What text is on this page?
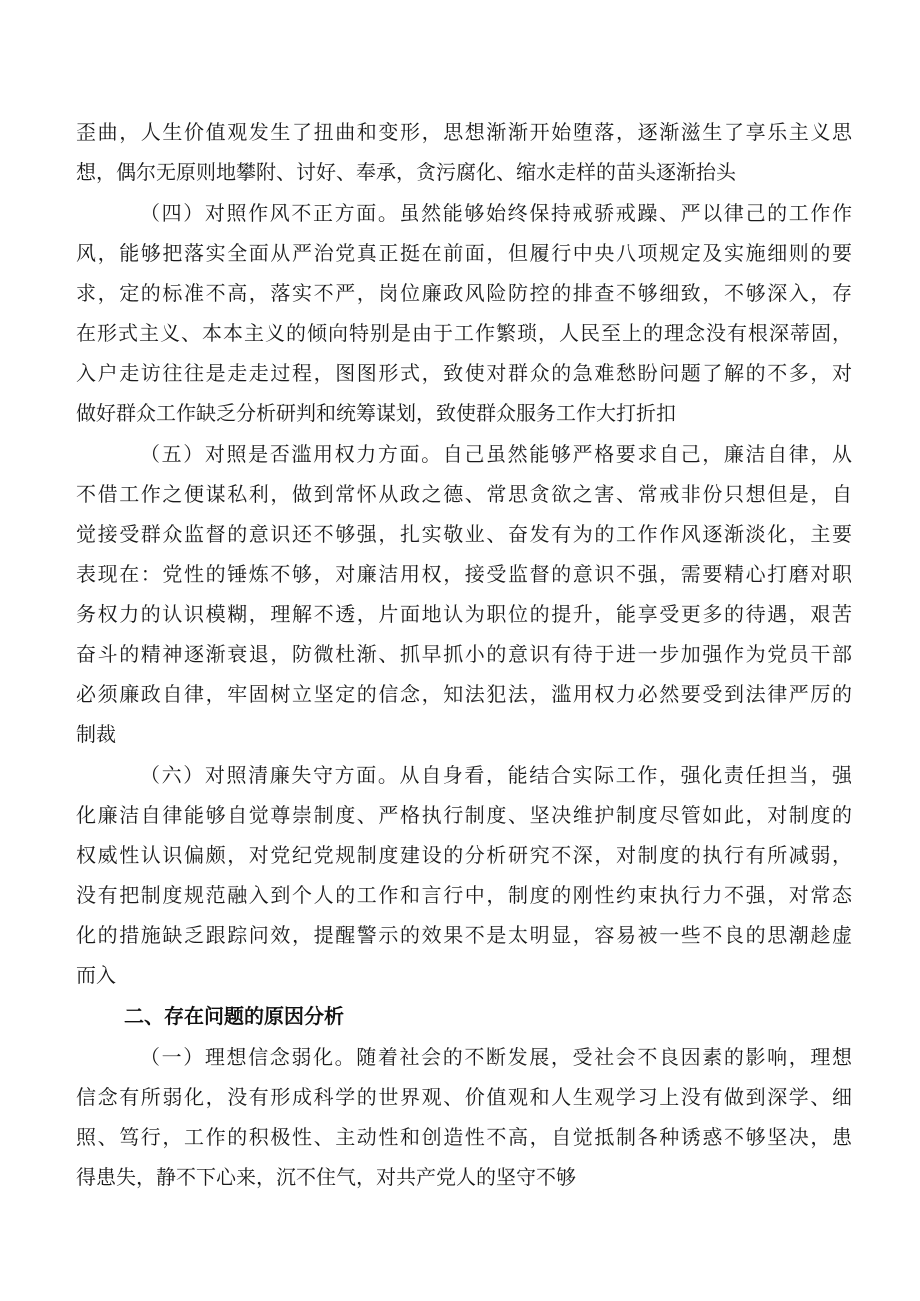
歪曲，人生价值观发生了扭曲和变形，思想渐渐开始堕落，逐渐滋生了享乐主义思
想，偶尔无原则地攀附、讨好、奉承，贪污腐化、缩水走样的苗头逐渐抬头
（四）对照作风不正方面。虽然能够始终保持戒骄戒躁、严以律己的工作作
风，能够把落实全面从严治党真正挺在前面，但履行中央八项规定及实施细则的要
求，定的标准不高，落实不严，岗位廉政风险防控的排查不够细致，不够深入，存
在形式主义、本本主义的倾向特别是由于工作繁琐，人民至上的理念没有根深蒂固，
入户走访往往是走走过程，图图形式，致使对群众的急难愁盼问题了解的不多，对
做好群众工作缺乏分析研判和统筹谋划，致使群众服务工作大打折扣
（五）对照是否滥用权力方面。自己虽然能够严格要求自己，廉洁自律，从
不借工作之便谋私利，做到常怀从政之德、常思贪欲之害、常戒非份只想但是，自
觉接受群众监督的意识还不够强，扎实敬业、奋发有为的工作作风逐渐淡化，主要
表现在：党性的锤炼不够，对廉洁用权，接受监督的意识不强，需要精心打磨对职
务权力的认识模糊，理解不透，片面地认为职位的提升，能享受更多的待遇，艰苦
奋斗的精神逐渐衰退，防微杜渐、抓早抓小的意识有待于进一步加强作为党员干部
必须廉政自律，牢固树立坚定的信念，知法犯法，滥用权力必然要受到法律严厉的
制裁
（六）对照清廉失守方面。从自身看，能结合实际工作，强化责任担当，强
化廉洁自律能够自觉尊崇制度、严格执行制度、坚决维护制度尽管如此，对制度的
权威性认识偏颇，对党纪党规制度建设的分析研究不深，对制度的执行有所减弱，
没有把制度规范融入到个人的工作和言行中，制度的刚性约束执行力不强，对常态
化的措施缺乏跟踪问效，提醒警示的效果不是太明显，容易被一些不良的思潮趁虚
而入
二、存在问题的原因分析
（一）理想信念弱化。随着社会的不断发展，受社会不良因素的影响，理想
信念有所弱化，没有形成科学的世界观、价值观和人生观学习上没有做到深学、细
照、笃行，工作的积极性、主动性和创造性不高，自觉抵制各种诱惑不够坚决，患
得患失，静不下心来，沉不住气，对共产党人的坚守不够
